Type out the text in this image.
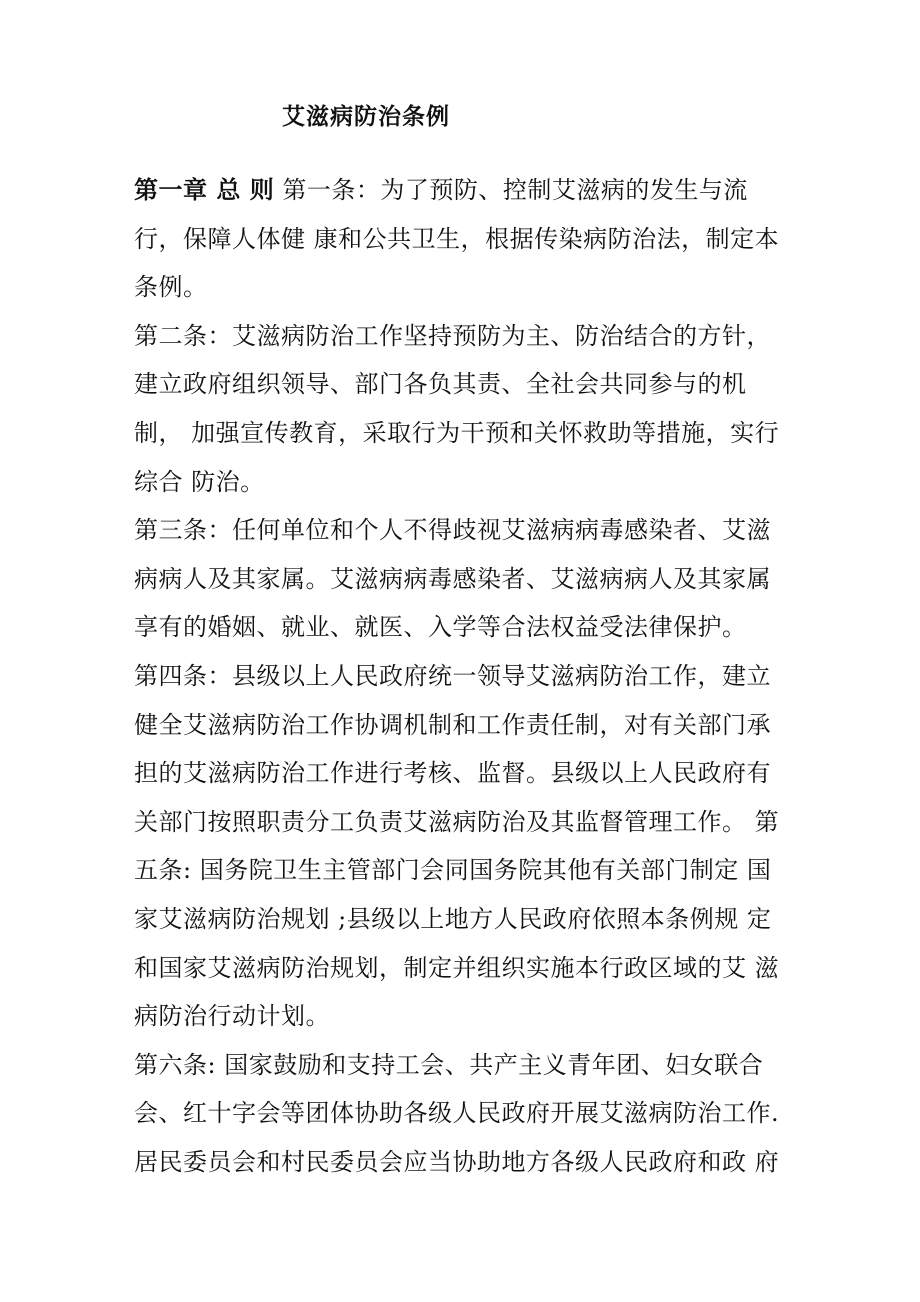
艾滋病防治条例
第一章 总 则 第一条：为了预防、控制艾滋病的发生与流
行，保障人体健 康和公共卫生，根据传染病防治法，制定本
条例。
第二条：艾滋病防治工作坚持预防为主、防治结合的方针，
建立政府组织领导、部门各负其责、全社会共同参与的机
制， 加强宣传教育，采取行为干预和关怀救助等措施，实行
综合 防治。
第三条：任何单位和个人不得歧视艾滋病病毒感染者、艾滋
病病人及其家属。艾滋病病毒感染者、艾滋病病人及其家属
享有的婚姻、就业、就医、入学等合法权益受法律保护。
第四条：县级以上人民政府统一领导艾滋病防治工作，建立
健全艾滋病防治工作协调机制和工作责任制，对有关部门承
担的艾滋病防治工作进行考核、监督。县级以上人民政府有
关部门按照职责分工负责艾滋病防治及其监督管理工作。 第
五条: 国务院卫生主管部门会同国务院其他有关部门制定 国
家艾滋病防治规划 ;县级以上地方人民政府依照本条例规 定
和国家艾滋病防治规划，制定并组织实施本行政区域的艾 滋
病防治行动计划。
第六条: 国家鼓励和支持工会、共产主义青年团、妇女联合
会、红十字会等团体协助各级人民政府开展艾滋病防治工作.
居民委员会和村民委员会应当协助地方各级人民政府和政 府
